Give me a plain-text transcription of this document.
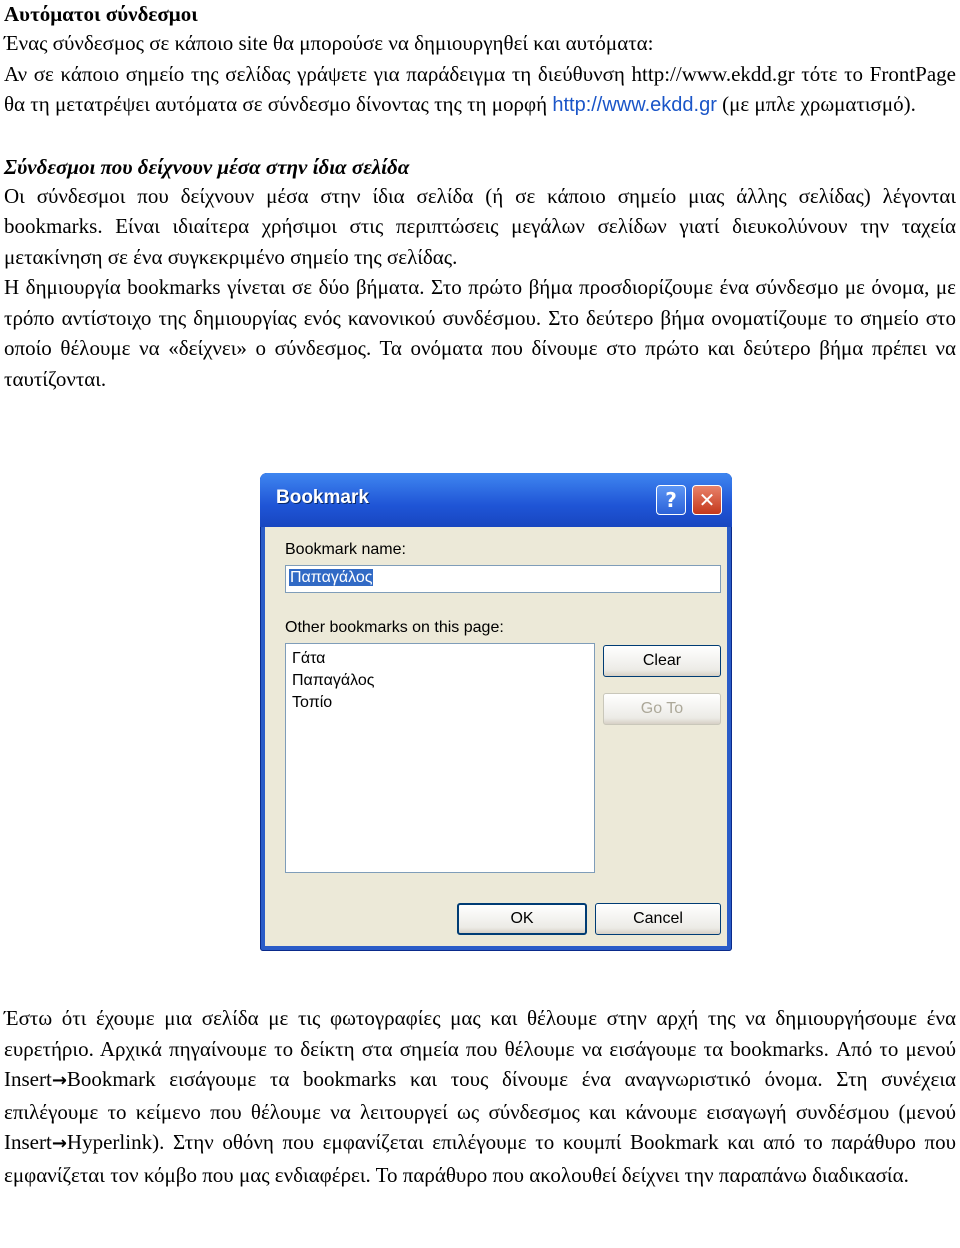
Αυτόματοι σύνδεσμοι

Ένας σύνδεσμος σε κάποιο site θα μπορούσε να δημιουργηθεί και αυτόματα:

Αν σε κάποιο σημείο της σελίδας γράψετε για παράδειγμα τη διεύθυνση http://www.ekdd.gr τότε το FrontPage θα τη μετατρέψει αυτόματα σε σύνδεσμο δίνοντας της τη μορφή http://www.ekdd.gr (με μπλε χρωματισμό).

Σύνδεσμοι που δείχνουν μέσα στην ίδια σελίδα

Οι σύνδεσμοι που δείχνουν μέσα στην ίδια σελίδα (ή σε κάποιο σημείο μιας άλλης σελίδας) λέγονται bookmarks. Είναι ιδιαίτερα χρήσιμοι στις περιπτώσεις μεγάλων σελίδων γιατί διευκολύνουν την ταχεία μετακίνηση σε ένα συγκεκριμένο σημείο της σελίδας.

Η δημιουργία bookmarks γίνεται σε δύο βήματα. Στο πρώτο βήμα προσδιορίζουμε ένα σύνδεσμο με όνομα, με τρόπο αντίστοιχο της δημιουργίας ενός κανονικού συνδέσμου. Στο δεύτερο βήμα ονοματίζουμε το σημείο στο οποίο θέλουμε να «δείχνει» ο σύνδεσμος. Τα ονόματα που δίνουμε στο πρώτο και δεύτερο βήμα πρέπει να ταυτίζονται.

Bookmark	?	✕
Bookmark name:
Παπαγάλος
Other bookmarks on this page:
Γάτα
Παπαγάλος
Τοπίο
Clear
Go To
OK	Cancel

Έστω ότι έχουμε μια σελίδα με τις φωτογραφίες μας και θέλουμε στην αρχή της να δημιουργήσουμε ένα ευρετήριο. Αρχικά πηγαίνουμε το δείκτη στα σημεία που θέλουμε να εισάγουμε τα bookmarks. Από το μενού Insert→Bookmark εισάγουμε τα bookmarks και τους δίνουμε ένα αναγνωριστικό όνομα. Στη συνέχεια επιλέγουμε το κείμενο που θέλουμε να λειτουργεί ως σύνδεσμος και κάνουμε εισαγωγή συνδέσμου (μενού Insert→Hyperlink). Στην οθόνη που εμφανίζεται επιλέγουμε το κουμπί Bookmark και από το παράθυρο που εμφανίζεται τον κόμβο που μας ενδιαφέρει. Το παράθυρο που ακολουθεί δείχνει την παραπάνω διαδικασία.
